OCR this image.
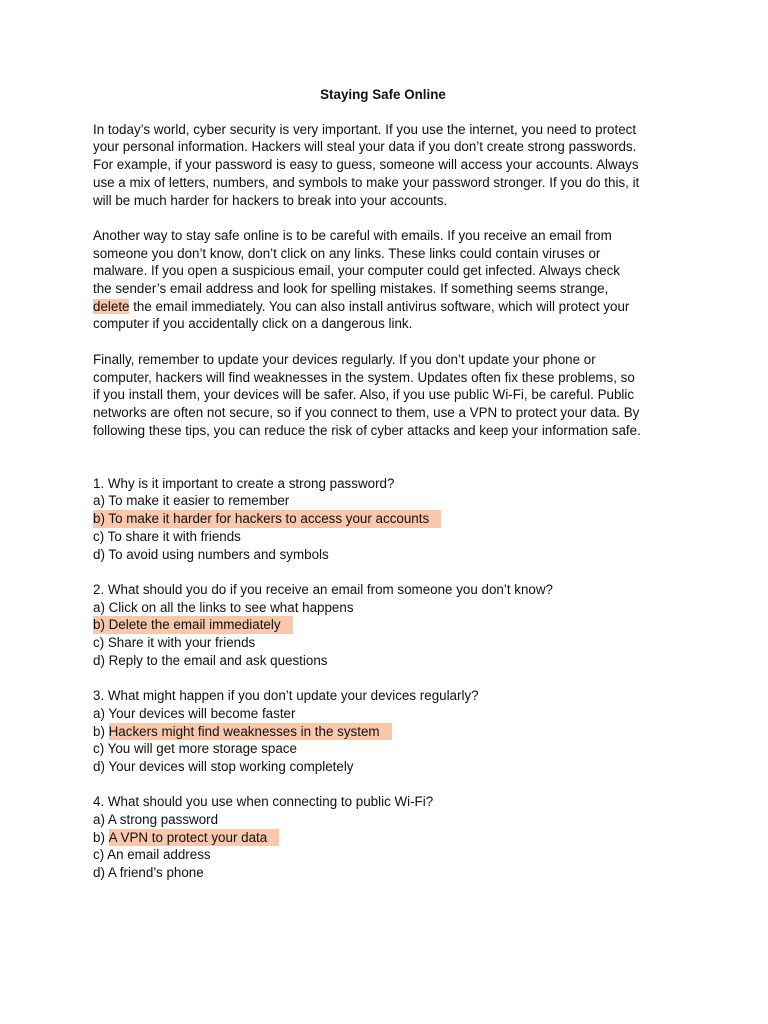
Staying Safe Online
In today’s world, cyber security is very important. If you use the internet, you need to protect
your personal information. Hackers will steal your data if you don’t create strong passwords.
For example, if your password is easy to guess, someone will access your accounts. Always
use a mix of letters, numbers, and symbols to make your password stronger. If you do this, it
will be much harder for hackers to break into your accounts.
Another way to stay safe online is to be careful with emails. If you receive an email from
someone you don’t know, don’t click on any links. These links could contain viruses or
malware. If you open a suspicious email, your computer could get infected. Always check
the sender’s email address and look for spelling mistakes. If something seems strange,
delete the email immediately. You can also install antivirus software, which will protect your
computer if you accidentally click on a dangerous link.
Finally, remember to update your devices regularly. If you don’t update your phone or
computer, hackers will find weaknesses in the system. Updates often fix these problems, so
if you install them, your devices will be safer. Also, if you use public Wi-Fi, be careful. Public
networks are often not secure, so if you connect to them, use a VPN to protect your data. By
following these tips, you can reduce the risk of cyber attacks and keep your information safe.
1. Why is it important to create a strong password?
a) To make it easier to remember
b) To make it harder for hackers to access your accounts
c) To share it with friends
d) To avoid using numbers and symbols
2. What should you do if you receive an email from someone you don’t know?
a) Click on all the links to see what happens
b) Delete the email immediately
c) Share it with your friends
d) Reply to the email and ask questions
3. What might happen if you don’t update your devices regularly?
a) Your devices will become faster
b) Hackers might find weaknesses in the system
c) You will get more storage space
d) Your devices will stop working completely
4. What should you use when connecting to public Wi-Fi?
a) A strong password
b) A VPN to protect your data
c) An email address
d) A friend’s phone
